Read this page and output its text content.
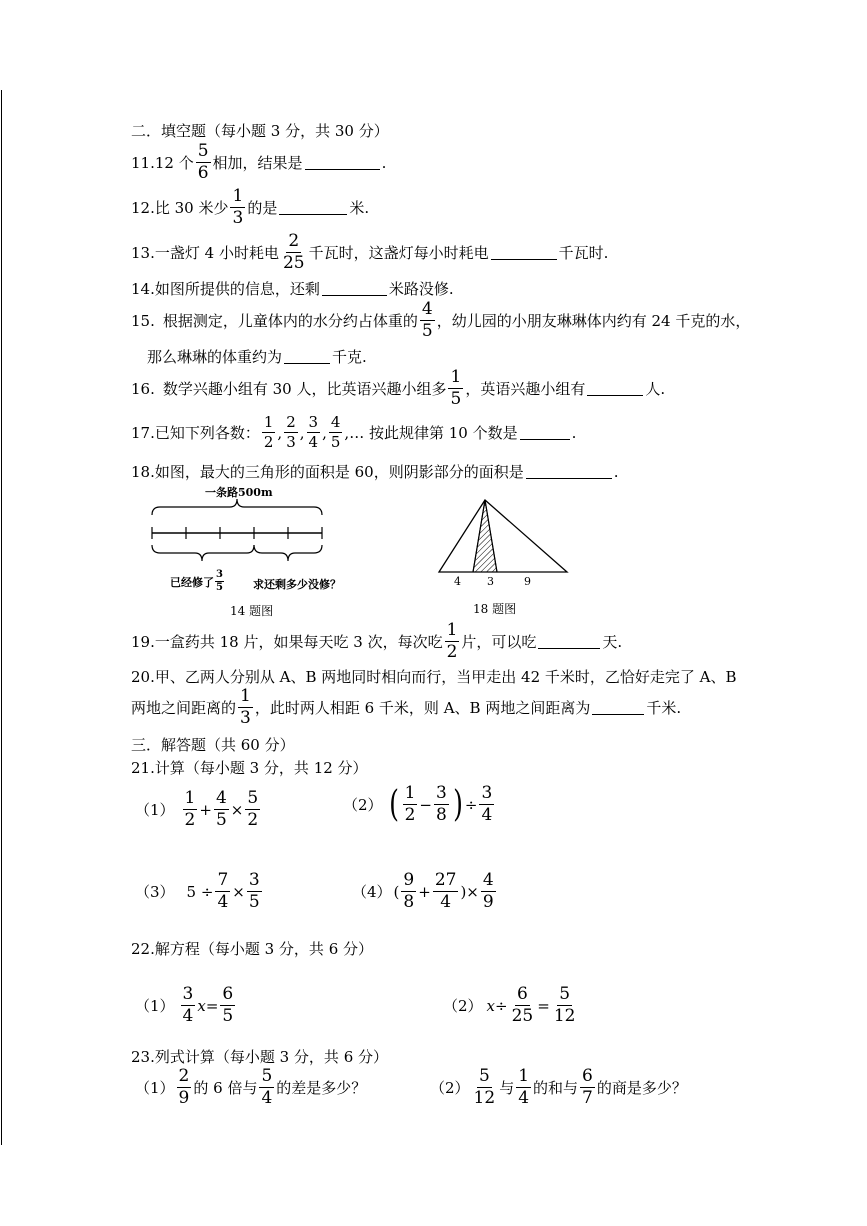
二．填空题（每小题 3 分，共 30 分）
11. 12 个 $\frac{5}{6}$ 相加，结果是	.
12. 比 30 米少 $\frac{1}{3}$ 的是	米.
13. 一盏灯 4 小时耗电 $\frac{2}{25}$ 千瓦时，这盏灯每小时耗电	千瓦时.
14. 如图所提供的信息，还剩	米路没修.
15. 根据测定，儿童体内的水分约占体重的 $\frac{4}{5}$ ，幼儿园的小朋友琳琳体内约有 24 千克的水，
那么琳琳的体重约为	千克.
16. 数学兴趣小组有 30 人，比英语兴趣小组多 $\frac{1}{5}$ ，英语兴趣小组有	人.
17. 已知下列各数： $\frac{1}{2}$ , $\frac{2}{3}$ , $\frac{3}{4}$ , $\frac{4}{5}$ , … 按此规律第 10 个数是	.
18. 如图，最大的三角形的面积是 60，则阴影部分的面积是	.
一条路500m
已经修了 $\frac{3}{5}$	求还剩多少没修？
14 题图
4 3	9
18 题图
19. 一盒药共 18 片，如果每天吃 3 次，每次吃 $\frac{1}{2}$ 片，可以吃	天.
20. 甲、乙两人分别从 A、B 两地同时相向而行，当甲走出 42 千米时，乙恰好走完了 A、B
两地之间距离的 $\frac{1}{3}$ ，此时两人相距 6 千米，则 A、B 两地之间距离为	千米.
三．解答题（共 60 分）
21.计算（每小题 3 分，共 12 分）
$(1) \frac{1}{2} + \frac{4}{5} \times \frac{5}{2}$	（2） ( $\frac{1}{2} - \frac{3}{8}$ ) ÷ $\frac{3}{4}$
（3） $5 \div \frac{7}{4} \times \frac{3}{5}$	（4） ( $\frac{9}{8} + \frac{27}{4}$ )× $\frac{4}{9}$
22.解方程（每小题 3 分，共 6 分）
$(1) \frac{3}{4}$ $x = \frac{6}{5}$	（2） $x \div \frac{6}{25} = \frac{5}{12}$
23.列式计算（每小题 3 分，共 6 分）
$(1) \frac{2}{9}$ 的 6 倍与 $\frac{5}{4}$ 的差是多少？	$(2) \frac{5}{12}$ 与 $\frac{1}{4}$ 的和与 $\frac{6}{7}$ 的商是多少？
